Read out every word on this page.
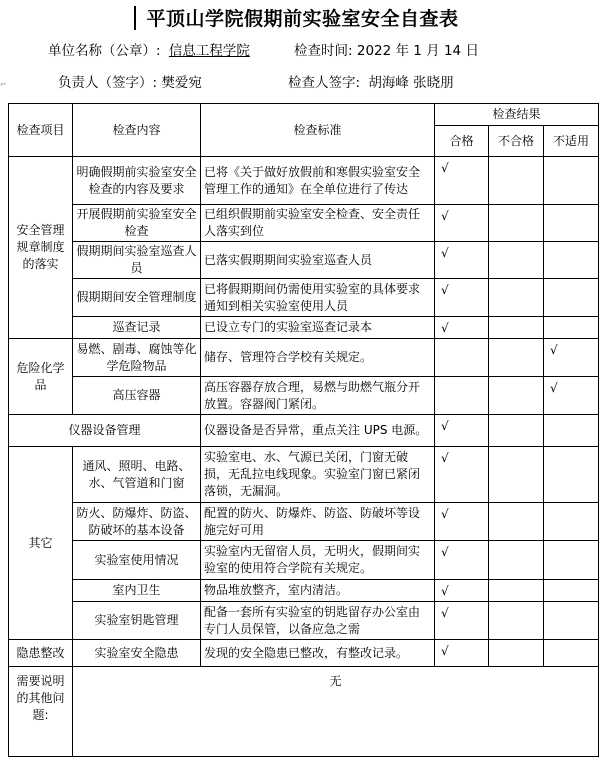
平顶山学院假期前实验室安全自查表
单位名称（公章）: 信息工程学院	检查时间: 2022 年 1 月 14 日
⌐	负责人（签字）: 樊爱宛	检查人签字: 胡海峰 张晓朋
检查项目	检查内容	检查标准	检查结果		
			合格	不合格	不适用
安全管理规章制度的落实	明确假期前实验室安全检查的内容及要求	已将《关于做好放假前和寒假实验室安全管理工作的通知》在全单位进行了传达	√		
	开展假期前实验室安全检查	已组织假期前实验室安全检查、安全责任人落实到位	√		
	假期期间实验室巡查人员	已落实假期期间实验室巡查人员	√		
	假期期间安全管理制度	已将假期期间仍需使用实验室的具体要求通知到相关实验室使用人员	√		
	巡查记录	已设立专门的实验室巡查记录本	√		
危险化学品	易燃、剧毒、腐蚀等化学危险物品	储存、管理符合学校有关规定。			√
	高压容器	高压容器存放合理，易燃与助燃气瓶分开放置。容器阀门紧闭。			√
仪器设备管理		仪器设备是否异常，重点关注 UPS 电源。	√		
其它	通风、照明、电路、水、气管道和门窗	实验室电、水、气源已关闭，门窗无破损，无乱拉电线现象。实验室门窗已紧闭落锁，无漏洞。	√		
	防火、防爆炸、防盗、防破坏的基本设备	配置的防火、防爆炸、防盗、防破坏等设施完好可用	√		
	实验室使用情况	实验室内无留宿人员，无明火，假期间实验室的使用符合学院有关规定。	√		
	室内卫生	物品堆放整齐，室内清洁。	√		
	实验室钥匙管理	配备一套所有实验室的钥匙留存办公室由专门人员保管，以备应急之需	√		
隐患整改	实验室安全隐患	发现的安全隐患已整改，有整改记录。	√		
需要说明的其他问题:	无				
